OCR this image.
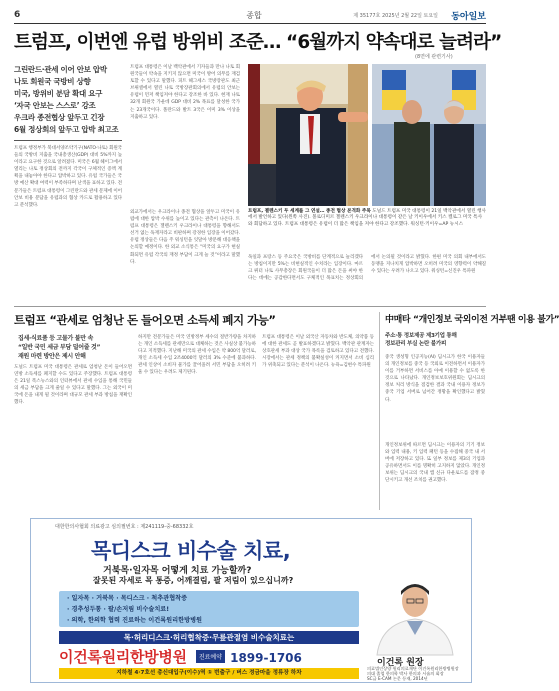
6	종합	제 35177호 2025년 2월 22일 토요일 동아일보
트럼프, 이번엔 유럽 방위비 조준… “6월까지 약속대로 늘려라”
(8면에 관련기사)
그린란드·관세 이어 안보 압박
나토 회원국 국방비 상향
미국, 방위비 분담 확대 요구
‘자국 안보는 스스로’ 강조
우크라 종전협상 앞두고 긴장
6월 정상회의 앞두고 압박 최고조
트럼프 행정부가 북대서양조약기구(NATO·나토) 회원국들의 국방비 지출을 국내총생산(GDP) 대비 5%까지 높이라고 요구한 것으로 알려졌다. 미국은 6월 헤이그에서 열리는 나토 정상회의 전까지 각국이 구체적인 증액 계획을 내놓아야 한다고 압박하고 있다. 유럽 국가들은 국방 예산 확대 여력이 부족하다며 난색을 표하고 있다. 전문가들은 트럼프 대통령이 그린란드와 관세 문제에 이어 안보 비용 분담을 유럽과의 협상 카드로 활용하고 있다고 분석했다.
트럼프 대통령은 이날 백악관에서 기자들과 만나 나토 회원국들이 약속을 지키지 않으면 미국이 방어 의무를 재검토할 수 있다고 말했다. 피트 헤그세스 국방장관도 최근 브뤼셀에서 열린 나토 국방장관회의에서 유럽의 안보는 유럽이 먼저 책임져야 한다고 강조한 바 있다. 현재 나토 32개 회원국 가운데 GDP 대비 2% 목표를 달성한 국가는 23개국이다. 폴란드와 발트 3국은 이미 3% 이상을 지출하고 있다.
트럼프, 젤렌스키 두 세계를 그 연설… 종전 협상 본격화 주목 도널드 트럼프 미국 대통령이 21일 백악관에서 열린 행사에서 발언하고 있다(왼쪽 사진). 볼로디미르 젤렌스키 우크라이나 대통령이 같은 날 키이우에서 키스 켈로그 미국 특사와 회담하고 있다. 트럼프 대통령은 유럽이 더 많은 책임을 져야 한다고 강조했다. 워싱턴·키이우=AP 뉴시스
외교가에서는 우크라이나 종전 협상을 앞두고 미국이 유럽에 대한 압박 수위를 높이고 있다는 관측이 나온다. 트럼프 대통령은 젤렌스키 우크라이나 대통령을 향해서도 선거 없는 독재자라고 비판하며 강경한 입장을 이어갔다. 유럽 정상들은 다음 주 워싱턴을 잇달아 방문해 대응책을 논의할 예정이다. 한 외교 소식통은 “미국의 요구가 현실화되면 유럽 각국의 재정 부담이 크게 늘 것”이라고 말했다.
독일과 프랑스 등 주요국은 국방비를 단계적으로 늘리겠다는 방침이지만 5%는 비현실적인 수치라는 입장이다. 마르크 뤼터 나토 사무총장은 회원국들이 더 많은 돈을 써야 한다는 데에는 공감한다면서도 구체적인 목표치는 정상회의에서 논의될 것이라고 밝혔다. 한편 미국 의회 내부에서도 동맹을 지나치게 압박하면 오히려 미국의 영향력이 약해질 수 있다는 우려가 나오고 있다. 워싱턴=신진우 특파원
트럼프 “관세로 엄청난 돈 들어오면 소득세 폐지 가능”
집세·식료품 등 고물가 불만 속
“일반 국민 세금 부담 덜어줄 것”
재원 마련 방안은 제시 안해
도널드 트럼프 미국 대통령은 관세로 엄청난 돈이 들어오면 연방 소득세를 폐지할 수도 있다고 주장했다. 트럼프 대통령은 21일 폭스뉴스와의 인터뷰에서 관세 수입을 통해 국민들의 세금 부담을 크게 줄일 수 있다고 말했다. 그는 외국이 미국에 돈을 내게 될 것이라며 대규모 관세 부과 방침을 재확인했다.
하지만 전문가들은 미국 연방정부 세수의 절반가량을 차지하는 개인 소득세를 관세만으로 대체하는 것은 사실상 불가능하다고 지적했다. 지난해 미국의 관세 수입은 약 800억 달러로, 개인 소득세 수입 2조4000억 달러의 3% 수준에 불과하다. 관세 인상이 소비자 물가를 끌어올려 서민 부담을 오히려 키울 수 있다는 우려도 제기된다.
트럼프 대통령은 이날 외국산 자동차와 반도체, 의약품 등에 대한 관세도 곧 발표하겠다고 밝혔다. 백악관 관계자는 상호관세 부과 대상 국가 목록을 검토하고 있다고 전했다. 시장에서는 관세 정책의 불확실성이 커지면서 소비 심리가 위축되고 있다는 분석이 나온다. 뉴욕=김현수 특파원
中매타 “개인정보 국외이전 거부땐 이용 불가”
주소·통 정보제공 제3기업 통해
정보관리 부실 논란 불가피
중국 생성형 인공지능(AI) 딥시크가 한국 이용자들의 개인정보를 중국 등 국외로 이전하면서 이용자가 이를 거부하면 서비스를 아예 이용할 수 없도록 한 것으로 나타났다. 개인정보보호위원회는 딥시크의 정보 처리 방식을 점검한 결과 국내 이용자 정보가 중국 기업 서버로 넘어간 정황을 확인했다고 밝혔다.
개인정보위에 따르면 딥시크는 이용자의 기기 정보와 입력 내용, 키 입력 패턴 등을 수집해 중국 내 서버에 저장하고 있다. 또 일부 정보를 제3의 기업과 공유하면서도 이를 명확히 고지하지 않았다. 개인정보위는 딥시크의 국내 앱 신규 다운로드를 잠정 중단시키고 개선 조치를 권고했다.
대한한의사협회 의료광고 심의필번호 : 제241119-중-68332호
목디스크 비수술 치료,
거북목·일자목 어떻게 치료 가능할까?
잘못된 자세로 목 통증, 어깨결림, 팔 저림이 있으십니까?
· 일자목 · 거북목 · 목디스크 · 척추관협착증
· 경추성두통 · 팔/손저림 비수술치료!
· 의학, 한의학 협력 진료하는 이건록원리한방병원
목·허리디스크·허리협착증·무릎관절염 비수술치료는
이건록원리한방병원 진료예약 1899-1706
지하철 4·7호선 총신대입구(이수)역 ① 번출구 / 버스 정금마을 정류장 하차
이건록 원장
의료법인상양 원리의료재단 이건록원리한방병원장
의대 졸업 한의학 박사 한의과 시술의 회장
SC급 E-CAM 논문 등재, 2014년
